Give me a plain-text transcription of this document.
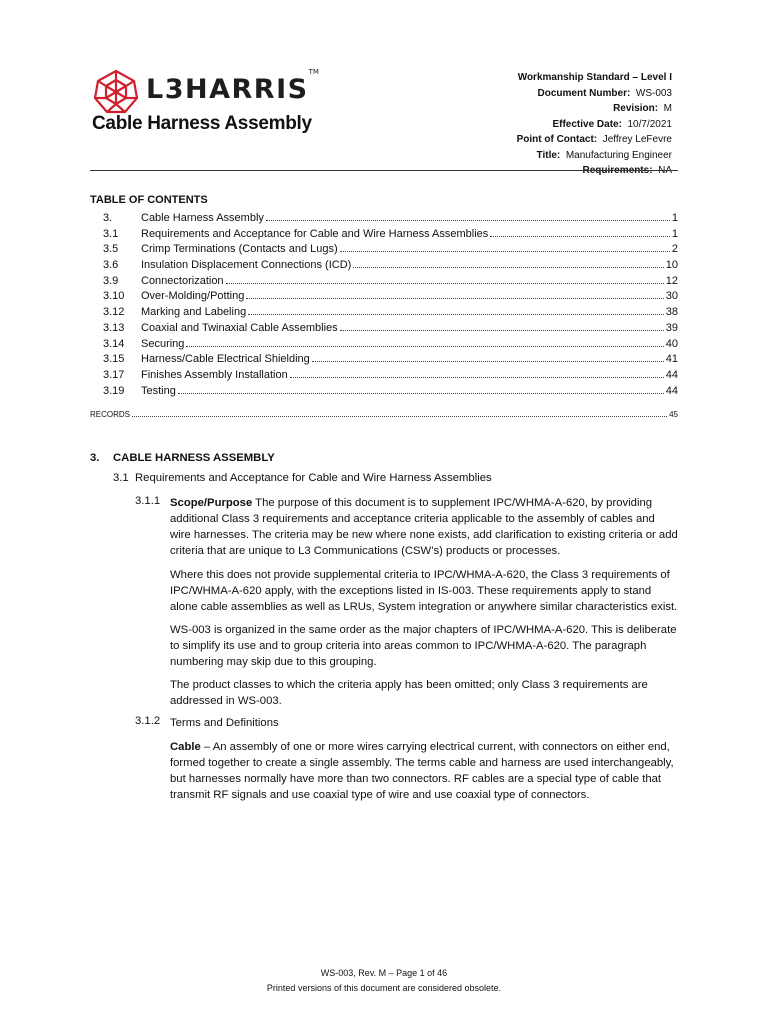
L3HARRIS™
Cable Harness Assembly
Workmanship Standard – Level I
Document Number: WS-003
Revision: M
Effective Date: 10/7/2021
Point of Contact: Jeffrey LeFevre
Title: Manufacturing Engineer

TABLE OF CONTENTS
3.	Cable Harness Assembly	1
3.1	Requirements and Acceptance for Cable and Wire Harness Assemblies	1
3.5	Crimp Terminations (Contacts and Lugs)	2
3.6	Insulation Displacement Connections (ICD)	10
3.9	Connectorization	12
3.10	Over-Molding/Potting	30
3.12	Marking and Labeling	38
3.13	Coaxial and Twinaxial Cable Assemblies	39
3.14	Securing	40
3.15	Harness/Cable Electrical Shielding	41
3.17	Finishes Assembly Installation	44
3.19	Testing	44
RECORDS	45
3. CABLE HARNESS ASSEMBLY
3.1 Requirements and Acceptance for Cable and Wire Harness Assemblies
3.1.1 Scope/Purpose The purpose of this document is to supplement IPC/WHMA-A-620, by providing additional Class 3 requirements and acceptance criteria applicable to the assembly of cables and wire harnesses. The criteria may be new where none exists, add clarification to existing criteria or add criteria that are unique to L3 Communications (CSW’s) products or processes.
Where this does not provide supplemental criteria to IPC/WHMA-A-620, the Class 3 requirements of IPC/WHMA-A-620 apply, with the exceptions listed in IS-003. These requirements apply to stand alone cable assemblies as well as LRUs, System integration or anywhere similar characteristics exist.
WS-003 is organized in the same order as the major chapters of IPC/WHMA-A-620. This is deliberate to simplify its use and to group criteria into areas common to IPC/WHMA-A-620. The paragraph numbering may skip due to this grouping.
The product classes to which the criteria apply has been omitted; only Class 3 requirements are addressed in WS-003.
3.1.2 Terms and Definitions
Cable – An assembly of one or more wires carrying electrical current, with connectors on either end, formed together to create a single assembly. The terms cable and harness are used interchangeably, but harnesses normally have more than two connectors. RF cables are a special type of cable that transmit RF signals and use coaxial type of wire and use coaxial type of connectors.
WS-003, Rev. M – Page 1 of 46
Printed versions of this document are considered obsolete.
